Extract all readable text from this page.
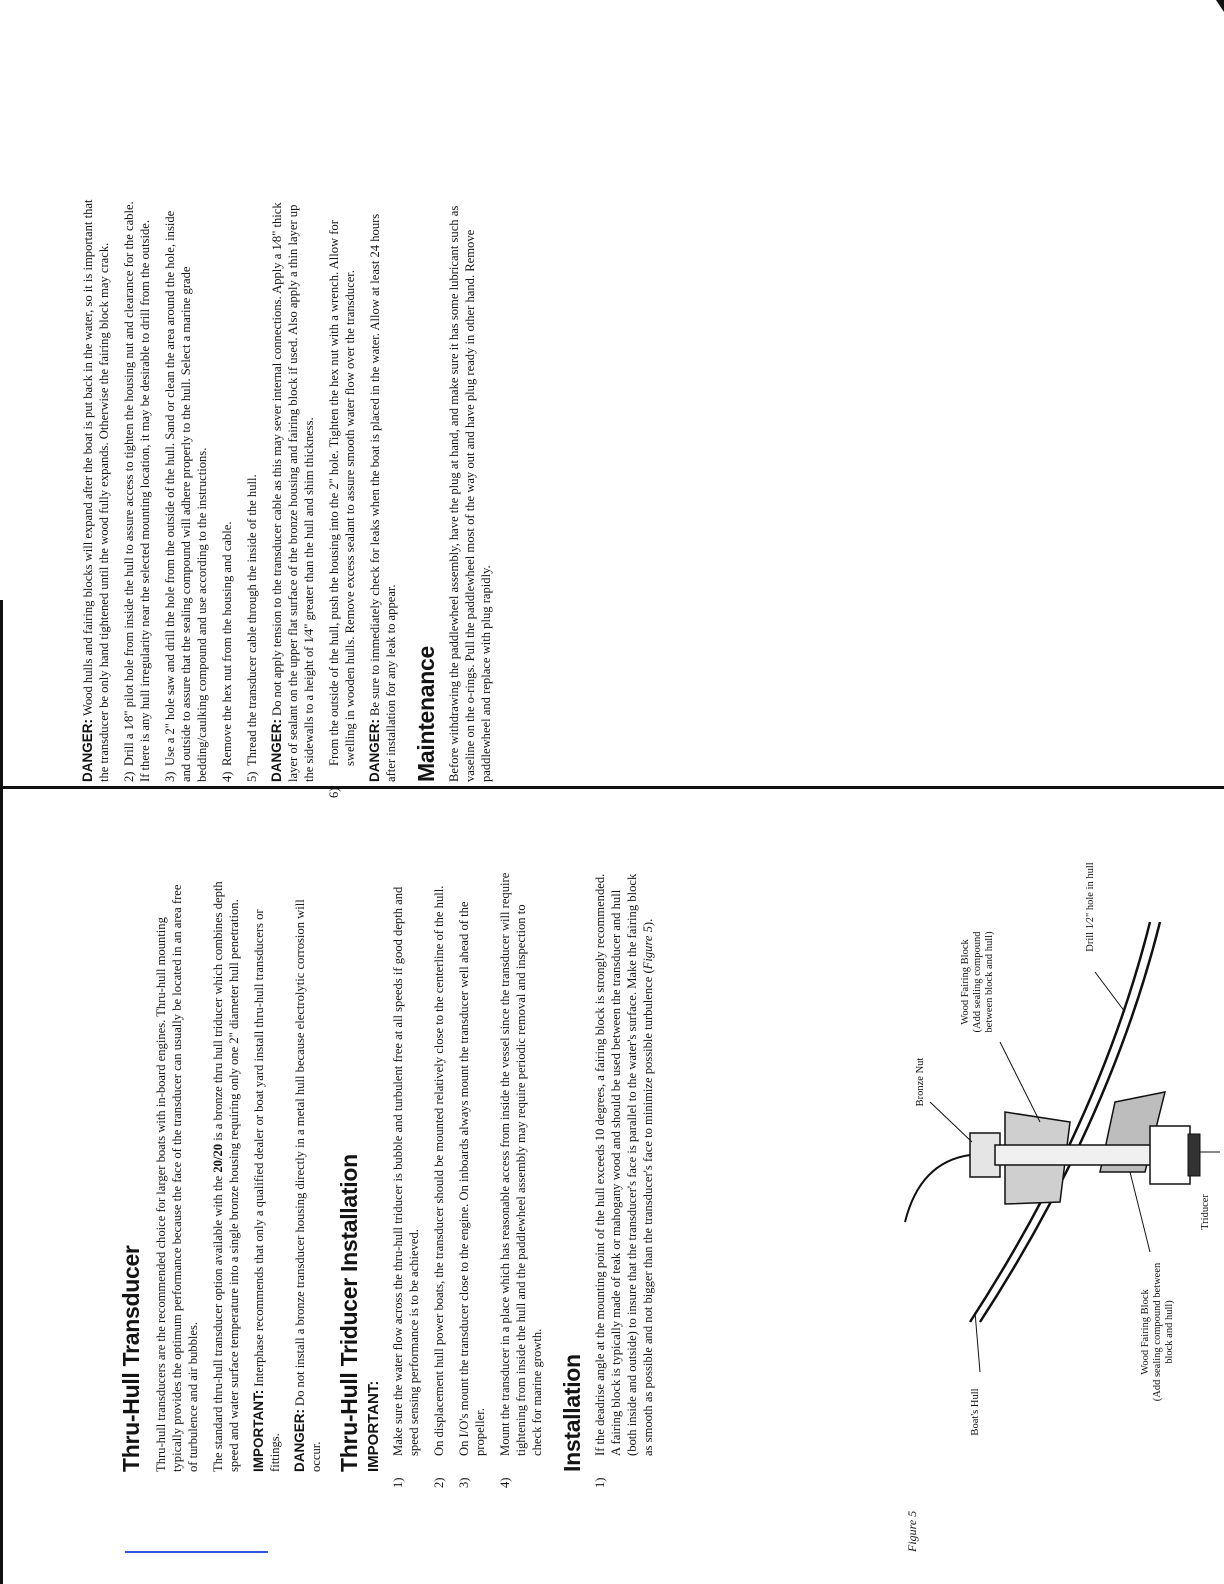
Thru-Hull Transducer Thru-hull transducers are the recommended choice for larger boats with in-board engines. Thru-hull mounting typically provides the optimum performance because the face of the transducer can usually be located in an area free of turbulence and air bubbles. The standard thru-hull transducer option available with the 20/20 is a bronze thru hull triducer which combines depth speed and water surface temperature into a single bronze housing requiring only one 2" diameter hull penetration. IMPORTANT:Interphase recommends that only a qualified dealer or boat yard install thru-hull transducers or fittings. DANGER:Do not install a bronze transducer housing directly in a metal hull because electrolytic corrosion will occur. Thru-Hull Triducer Installation IMPORTANT:

1)Make sure the water flow across the thru-hull triducer is bubble and turbulent free at all speeds if good depth and speed sensing performance is to be achieved.

2)On displacement hull power boats, the transducer should be mounted relatively close to the centerline of the hull.

3)On I/O's mount the transducer close to the engine. On inboards always mount the transducer well ahead of the propeller.

4)Mount the transducer in a place which has reasonable access from inside the vessel since the transducer will require tightening from inside the hull and the paddlewheel assembly may require periodic removal and inspection to check for marine growth. Installation

1)If the deadrise angle at the mounting point of the hull exceeds 10 degrees, a fairing block is strongly recommended. A fairing block is typically made of teak or mahogany wood and should be used between the transducer and hull (both inside and outside) to insure that the transducer's face is parallel to the water's surface. Make the fairing block as smooth as possible and not bigger than the transducer's face to minimize possible turbulence (Figure 5).

Figure 5
Boat's Hull
Bronze Nut
Wood Fairing Block (Add sealing compound between block and hull)
Drill 1⁄2" hole in hull
Wood Fairing Block (Add sealing compound between block and hull)
Triducer

DANGER:Wood hulls and fairing blocks will expand after the boat is put back in the water, so it is important that the transducer be only hand tightened until the wood fully expands. Otherwise the fairing block may crack. 2)Drill a 1⁄8" pilot hole from inside the hull to assure access to tighten the housing nut and clearance for the cable. If there is any hull irregularity near the selected mounting location, it may be desirable to drill from the outside. 3)Use a 2" hole saw and drill the hole from the outside of the hull. Sand or clean the area around the hole, inside and outside to assure that the sealing compound will adhere properly to the hull. Select a marine grade bedding/caulking compound and use according to the instructions. 4)Remove the hex nut from the housing and cable.

5)Thread the transducer cable through the inside of the hull. DANGER:Do not apply tension to the transducer cable as this may sever internal connections. Apply a 1⁄8" thick layer of sealant on the upper flat surface of the bronze housing and fairing block if used. Also apply a thin layer up the sidewalls to a height of 1⁄4" greater than the hull and shim thickness.

6)From the outside of the hull, push the housing into the 2" hole. Tighten the hex nut with a wrench. Allow for swelling in wooden hulls. Remove excess sealant to assure smooth water flow over the transducer. DANGER:Be sure to immediately check for leaks when the boat is placed in the water. Allow at least 24 hours after installation for any leak to appear. Maintenance Before withdrawing the paddlewheel assembly, have the plug at hand, and make sure it has some lubricant such as vaseline on the o-rings. Pull the paddlewheel most of the way out and have plug ready in other hand. Remove paddlewheel and replace with plug rapidly.
